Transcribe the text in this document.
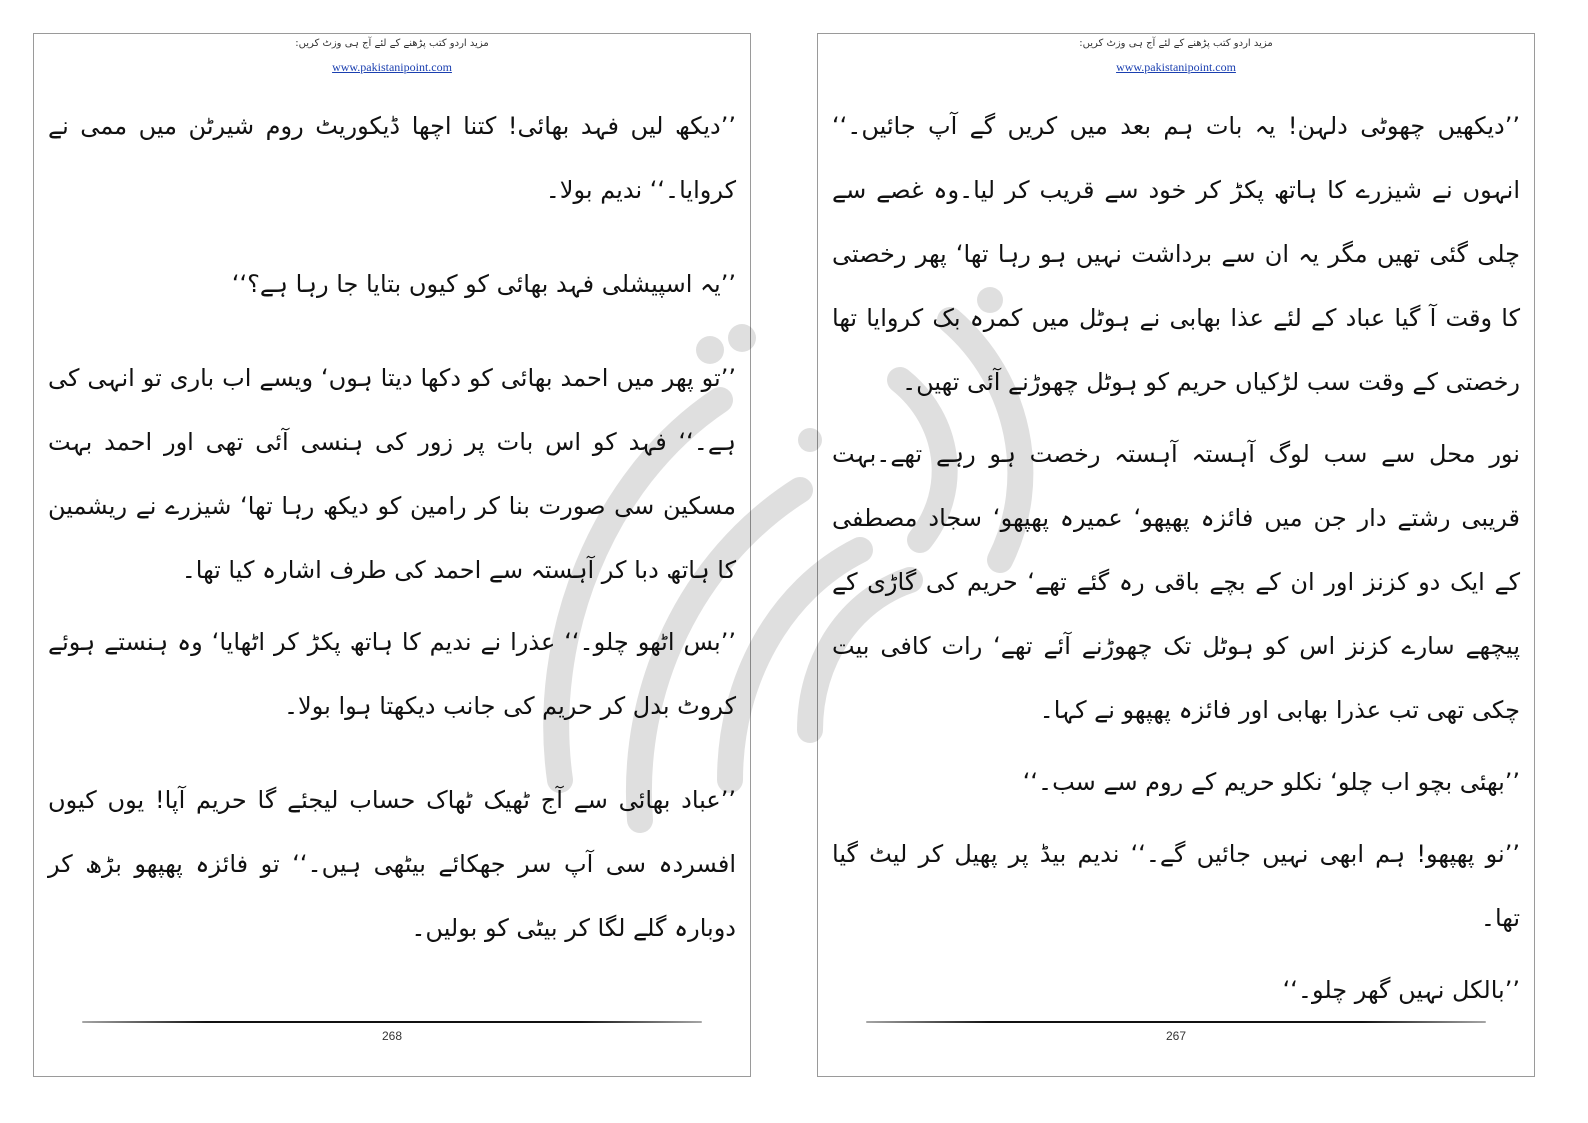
مزید اردو کتب پڑھنے کے لئے آج ہی وزٹ کریں:
www.pakistanipoint.com

’’دیکھ لیں فہد بھائی! کتنا اچھا ڈیکوریٹ روم شیرٹن میں ممی نے کروایا۔‘‘ ندیم بولا۔

’’یہ اسپیشلی فہد بھائی کو کیوں بتایا جا رہا ہے؟‘‘

’’تو پھر میں احمد بھائی کو دکھا دیتا ہوں‘ ویسے اب باری تو انہی کی ہے۔‘‘ فہد کو اس بات پر زور کی ہنسی آئی تھی اور احمد بہت مسکین سی صورت بنا کر رامین کو دیکھ رہا تھا‘ شیزرے نے ریشمین کا ہاتھ دبا کر آہستہ سے احمد کی طرف اشارہ کیا تھا۔

’’بس اٹھو چلو۔‘‘ عذرا نے ندیم کا ہاتھ پکڑ کر اٹھایا‘ وہ ہنستے ہوئے کروٹ بدل کر حریم کی جانب دیکھتا ہوا بولا۔

’’عباد بھائی سے آج ٹھیک ٹھاک حساب لیجئے گا حریم آپا! یوں کیوں افسردہ سی آپ سر جھکائے بیٹھی ہیں۔‘‘ تو فائزہ پھپھو بڑھ کر دوبارہ گلے لگا کر بیٹی کو بولیں۔

268
مزید اردو کتب پڑھنے کے لئے آج ہی وزٹ کریں:
www.pakistanipoint.com

’’دیکھیں چھوٹی دلہن! یہ بات ہم بعد میں کریں گے آپ جائیں۔‘‘ انہوں نے شیزرے کا ہاتھ پکڑ کر خود سے قریب کر لیا۔وہ غصے سے چلی گئی تھیں مگر یہ ان سے برداشت نہیں ہو رہا تھا‘ پھر رخصتی کا وقت آ گیا عباد کے لئے عذا بھابی نے ہوٹل میں کمرہ بک کروایا تھا رخصتی کے وقت سب لڑکیاں حریم کو ہوٹل چھوڑنے آئی تھیں۔

نور محل سے سب لوگ آہستہ آہستہ رخصت ہو رہے تھے۔بہت قریبی رشتے دار جن میں فائزہ پھپھو‘ عمیرہ پھپھو‘ سجاد مصطفی کے ایک دو کزنز اور ان کے بچے باقی رہ گئے تھے‘ حریم کی گاڑی کے پیچھے سارے کزنز اس کو ہوٹل تک چھوڑنے آئے تھے‘ رات کافی بیت چکی تھی تب عذرا بھابی اور فائزہ پھپھو نے کہا۔

’’بھئی بچو اب چلو‘ نکلو حریم کے روم سے سب۔‘‘

’’نو پھپھو! ہم ابھی نہیں جائیں گے۔‘‘ ندیم بیڈ پر پھیل کر لیٹ گیا تھا۔

’’بالکل نہیں گھر چلو۔‘‘

267
